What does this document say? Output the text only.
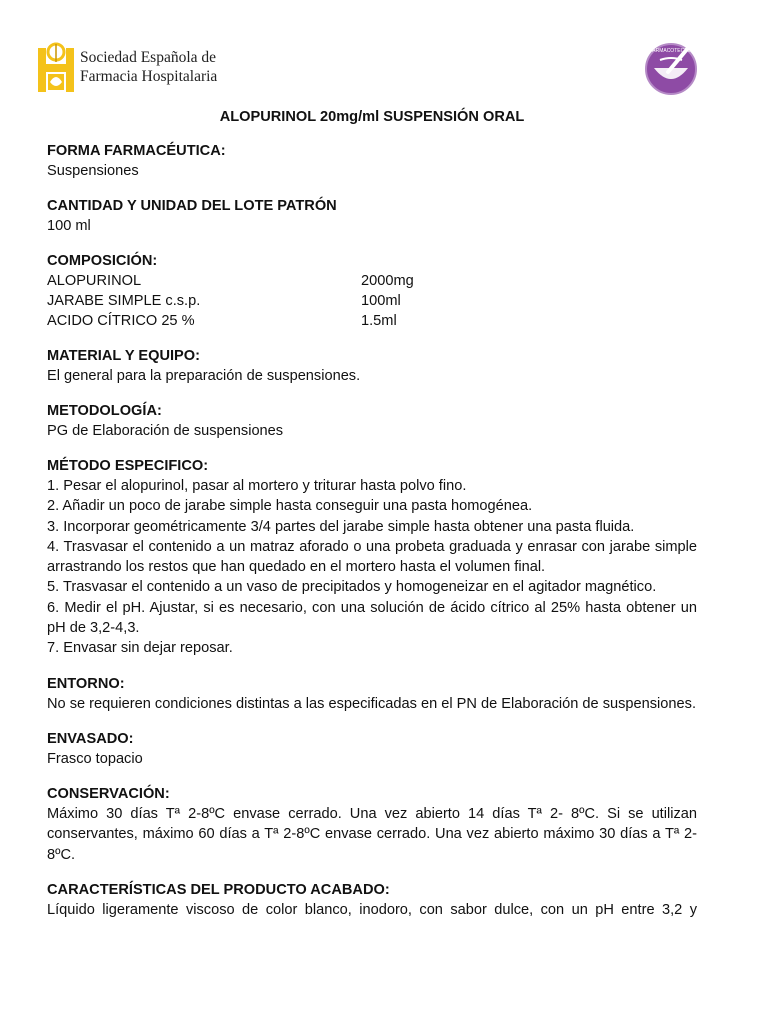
Sociedad Española de
Farmacia Hospitalaria
FARMACOTECNIA
ALOPURINOL 20mg/ml SUSPENSIÓN ORAL
FORMA FARMACÉUTICA:
Suspensiones
CANTIDAD Y UNIDAD DEL LOTE PATRÓN
100 ml
COMPOSICIÓN:
ALOPURINOL	2000mg
JARABE SIMPLE c.s.p.	100ml
ACIDO CÍTRICO 25 %	1.5ml
MATERIAL Y EQUIPO:
El general para la preparación de suspensiones.
METODOLOGÍA:
PG de Elaboración de suspensiones
MÉTODO ESPECIFICO:
1. Pesar el alopurinol, pasar al mortero y triturar hasta polvo fino.
2. Añadir un poco de jarabe simple hasta conseguir una pasta homogénea.
3. Incorporar geométricamente 3/4 partes del jarabe simple hasta obtener una pasta fluida.
4. Trasvasar el contenido a un matraz aforado o una probeta graduada y enrasar con jarabe simple arrastrando los restos que han quedado en el mortero hasta el volumen final.
5. Trasvasar el contenido a un vaso de precipitados y homogeneizar en el agitador magnético.
6. Medir el pH. Ajustar, si es necesario, con una solución de ácido cítrico al 25% hasta obtener un pH de 3,2-4,3.
7. Envasar sin dejar reposar.
ENTORNO:
No se requieren condiciones distintas a las especificadas en el PN de Elaboración de suspensiones.
ENVASADO:
Frasco topacio
CONSERVACIÓN:
Máximo 30 días Tª 2-8ºC envase cerrado. Una vez abierto 14 días Tª 2- 8ºC. Si se utilizan conservantes, máximo 60 días a Tª 2-8ºC envase cerrado. Una vez abierto máximo 30 días a Tª 2-8ºC.
CARACTERÍSTICAS DEL PRODUCTO ACABADO:
Líquido ligeramente viscoso de color blanco, inodoro, con sabor dulce, con un pH entre 3,2 y
